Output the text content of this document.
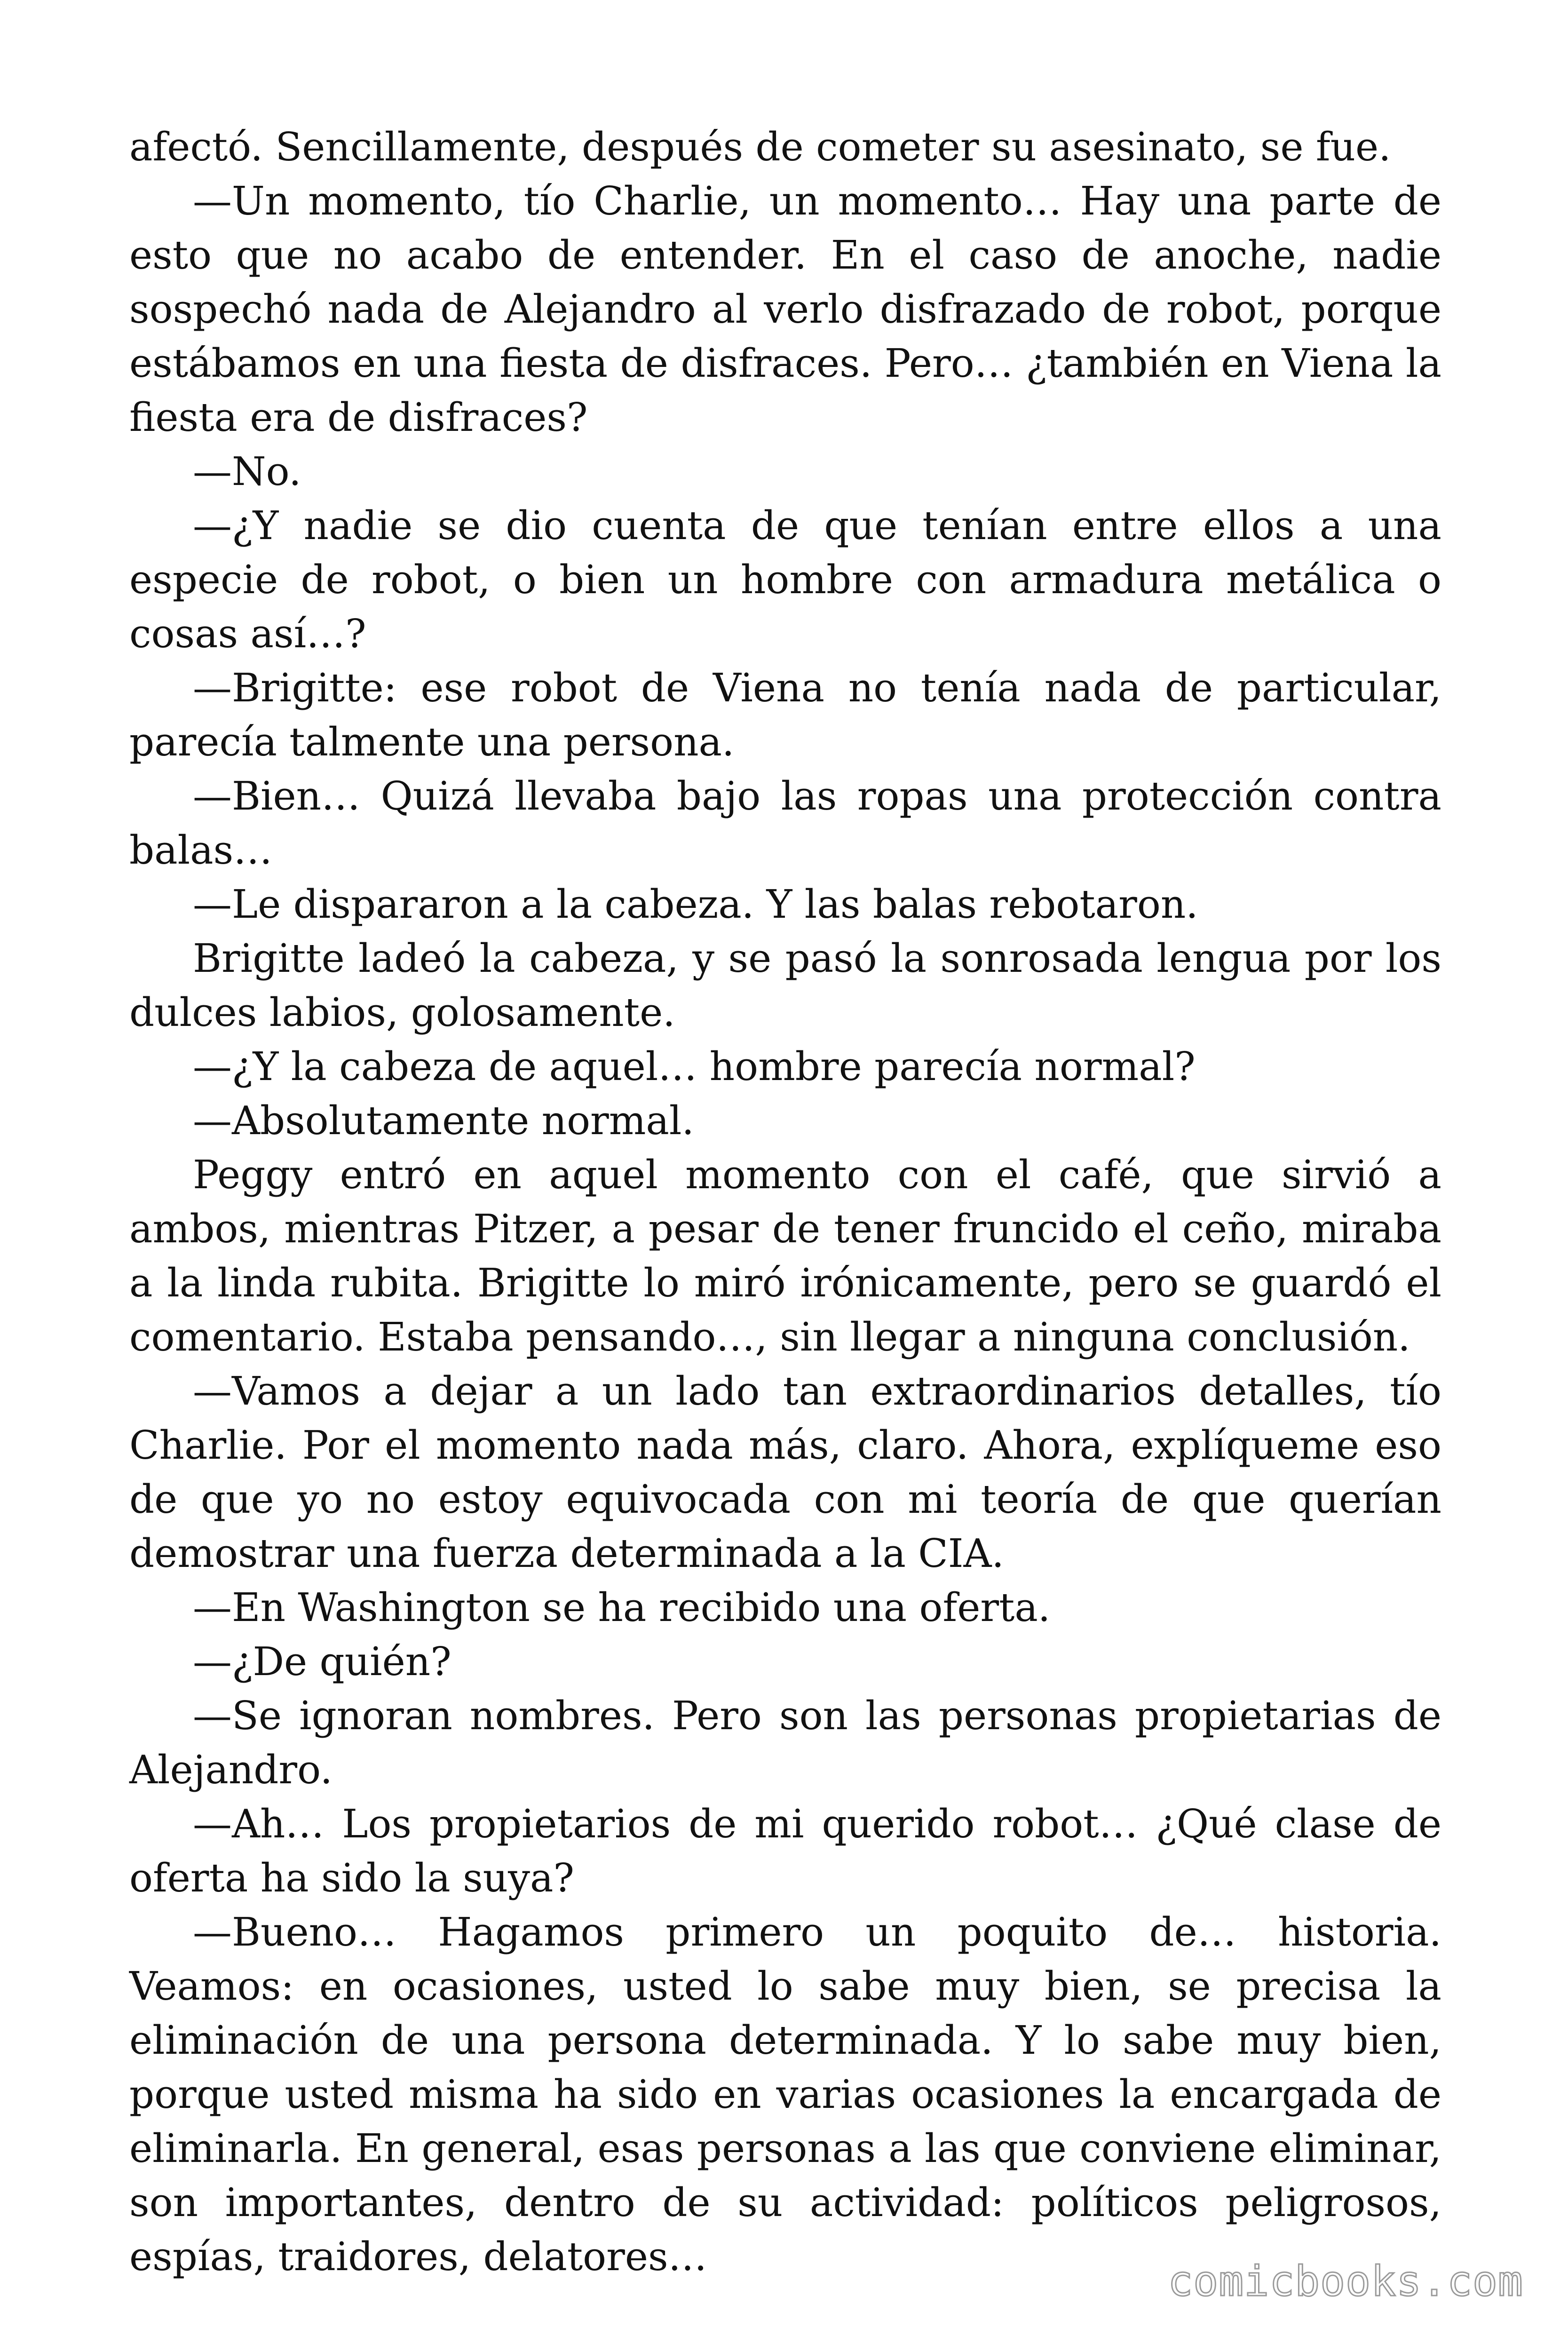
afectó. Sencillamente, después de cometer su asesinato, se fue.

—Un momento, tío Charlie, un momento… Hay una parte de esto que no acabo de entender. En el caso de anoche, nadie sospechó nada de Alejandro al verlo disfrazado de robot, porque estábamos en una fiesta de disfraces. Pero… ¿también en Viena la fiesta era de disfraces?

—No.

—¿Y nadie se dio cuenta de que tenían entre ellos a una especie de robot, o bien un hombre con armadura metálica o cosas así…?

—Brigitte: ese robot de Viena no tenía nada de particular, parecía talmente una persona.

—Bien… Quizá llevaba bajo las ropas una protección contra balas…

—Le dispararon a la cabeza. Y las balas rebotaron.

Brigitte ladeó la cabeza, y se pasó la sonrosada lengua por los dulces labios, golosamente.

—¿Y la cabeza de aquel… hombre parecía normal?

—Absolutamente normal.

Peggy entró en aquel momento con el café, que sirvió a ambos, mientras Pitzer, a pesar de tener fruncido el ceño, miraba a la linda rubita. Brigitte lo miró irónicamente, pero se guardó el comentario. Estaba pensando…, sin llegar a ninguna conclusión.

—Vamos a dejar a un lado tan extraordinarios detalles, tío Charlie. Por el momento nada más, claro. Ahora, explíqueme eso de que yo no estoy equivocada con mi teoría de que querían demostrar una fuerza determinada a la CIA.

—En Washington se ha recibido una oferta.

—¿De quién?

—Se ignoran nombres. Pero son las personas propietarias de Alejandro.

—Ah… Los propietarios de mi querido robot… ¿Qué clase de oferta ha sido la suya?

—Bueno… Hagamos primero un poquito de… historia. Veamos: en ocasiones, usted lo sabe muy bien, se precisa la eliminación de una persona determinada. Y lo sabe muy bien, porque usted misma ha sido en varias ocasiones la encargada de eliminarla. En general, esas personas a las que conviene eliminar, son importantes, dentro de su actividad: políticos peligrosos, espías, traidores, delatores…

comicbooks.com
